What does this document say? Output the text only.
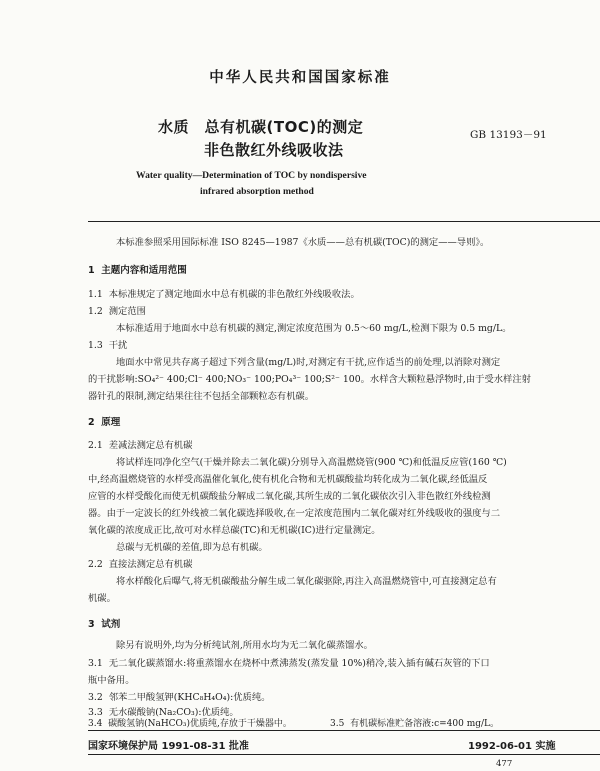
中华人民共和国国家标准
水质　总有机碳(TOC)的测定
非色散红外线吸收法
GB 13193－91
Water quality—Determination of TOC by nondispersive
infrared absorption method
本标准参照采用国际标准 ISO 8245—1987《水质——总有机碳(TOC)的测定——导则》。
1 主题内容和适用范围
1.1 本标准规定了测定地面水中总有机碳的非色散红外线吸收法。
1.2 测定范围
本标准适用于地面水中总有机碳的测定,测定浓度范围为 0.5～60 mg/L,检测下限为 0.5 mg/L。
1.3 干扰
地面水中常见共存离子超过下列含量(mg/L)时,对测定有干扰,应作适当的前处理,以消除对测定
的干扰影响:SO₄²⁻ 400;Cl⁻ 400;NO₃⁻ 100;PO₄³⁻ 100;S²⁻ 100。水样含大颗粒悬浮物时,由于受水样注射
器针孔的限制,测定结果往往不包括全部颗粒态有机碳。
2 原理
2.1 差减法测定总有机碳
将试样连同净化空气(干燥并除去二氧化碳)分别导入高温燃烧管(900 ℃)和低温反应管(160 ℃)
中,经高温燃烧管的水样受高温催化氧化,使有机化合物和无机碳酸盐均转化成为二氧化碳,经低温反
应管的水样受酸化而使无机碳酸盐分解成二氧化碳,其所生成的二氧化碳依次引入非色散红外线检测
器。由于一定波长的红外线被二氧化碳选择吸收,在一定浓度范围内二氧化碳对红外线吸收的强度与二
氧化碳的浓度成正比,故可对水样总碳(TC)和无机碳(IC)进行定量测定。
总碳与无机碳的差值,即为总有机碳。
2.2 直接法测定总有机碳
将水样酸化后曝气,将无机碳酸盐分解生成二氧化碳驱除,再注入高温燃烧管中,可直接测定总有
机碳。
3 试剂
除另有说明外,均为分析纯试剂,所用水均为无二氧化碳蒸馏水。
3.1 无二氧化碳蒸馏水:将重蒸馏水在烧杯中煮沸蒸发(蒸发量 10%)稍冷,装入插有碱石灰管的下口
瓶中备用。
3.2 邻苯二甲酸氢钾(KHC₈H₄O₄):优质纯。
3.3 无水碳酸钠(Na₂CO₃):优质纯。
3.4 碳酸氢钠(NaHCO₃)优质纯,存放于干燥器中。	3.5 有机碳标准贮备溶液:c=400 mg/L。
国家环境保护局 1991-08-31 批准	1992-06-01 实施
477
